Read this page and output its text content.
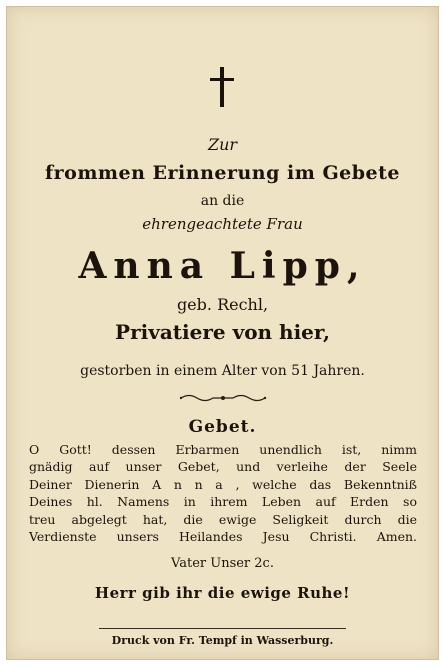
Zur
frommen Erinnerung im Gebete
an die
ehrengeachtete Frau
Anna Lipp,
geb. Rechl,
Privatiere von hier,
gestorben in einem Alter von 51 Jahren.
Gebet.
O Gott! dessen Erbarmen unendlich ist, nimm
gnädig auf unser Gebet, und verleihe der Seele
Deiner Dienerin A n n a , welche das Bekenntniß
Deines hl. Namens in ihrem Leben auf Erden so
treu abgelegt hat, die ewige Seligkeit durch die
Verdienste unsers Heilandes Jesu Christi. Amen.
Vater Unser 2c.
Herr gib ihr die ewige Ruhe!
Druck von Fr. Tempf in Wasserburg.
